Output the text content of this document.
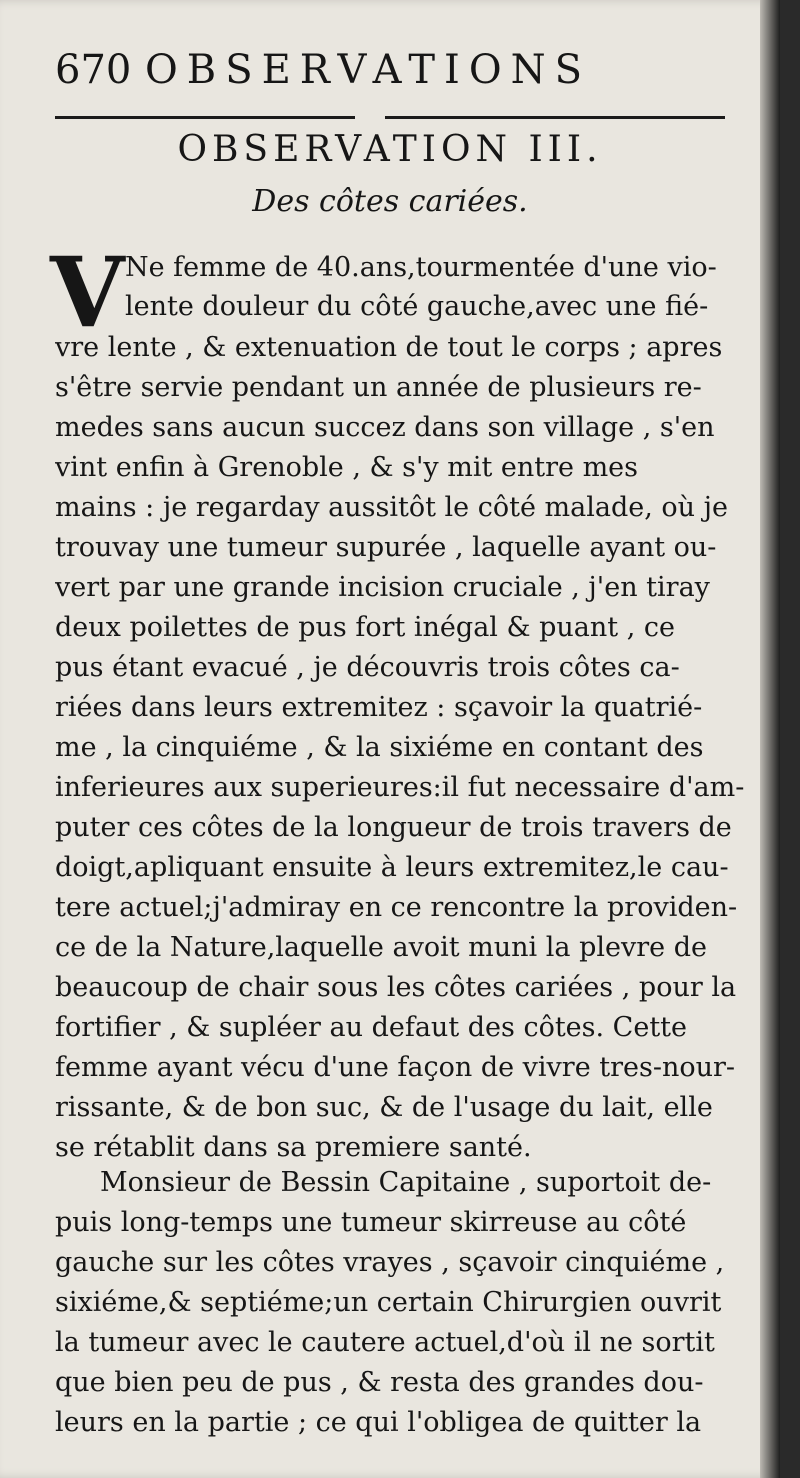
670 OBSERVATIONS
OBSERVATION III.
Des côtes cariées.
V Ne femme de 40.ans,tourmentée d'une vio-
lente douleur du côté gauche,avec une fié-
vre lente , & extenuation de tout le corps ; apres
s'être servie pendant un année de plusieurs re-
medes sans aucun succez dans son village , s'en
vint enfin à Grenoble , & s'y mit entre mes
mains : je regarday aussitôt le côté malade, où je
trouvay une tumeur supurée , laquelle ayant ou-
vert par une grande incision cruciale , j'en tiray
deux poilettes de pus fort inégal & puant , ce
pus étant evacué , je découvris trois côtes ca-
riées dans leurs extremitez : sçavoir la quatrié-
me , la cinquiéme , & la sixiéme en contant des
inferieures aux superieures:il fut necessaire d'am-
puter ces côtes de la longueur de trois travers de
doigt,apliquant ensuite à leurs extremitez,le cau-
tere actuel;j'admiray en ce rencontre la providen-
ce de la Nature,laquelle avoit muni la plevre de
beaucoup de chair sous les côtes cariées , pour la
fortifier , & supléer au defaut des côtes. Cette
femme ayant vécu d'une façon de vivre tres-nour-
rissante, & de bon suc, & de l'usage du lait, elle
se rétablit dans sa premiere santé.
Monsieur de Bessin Capitaine , suportoit de-
puis long-temps une tumeur skirreuse au côté
gauche sur les côtes vrayes , sçavoir cinquiéme ,
sixiéme,& septiéme;un certain Chirurgien ouvrit
la tumeur avec le cautere actuel,d'où il ne sortit
que bien peu de pus , & resta des grandes dou-
leurs en la partie ; ce qui l'obligea de quitter la
